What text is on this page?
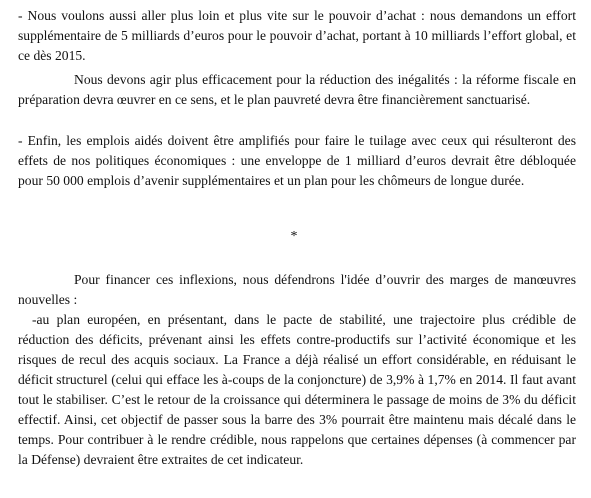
- Nous voulons aussi aller plus loin et plus vite sur le pouvoir d’achat : nous demandons un effort supplémentaire de 5 milliards d’euros pour le pouvoir d’achat, portant à 10 milliards l’effort global, et ce dès 2015.

Nous devons agir plus efficacement pour la réduction des inégalités : la réforme fiscale en préparation devra œuvrer en ce sens, et le plan pauvreté devra être financièrement sanctuarisé.

- Enfin, les emplois aidés doivent être amplifiés pour faire le tuilage avec ceux qui résulteront des effets de nos politiques économiques : une enveloppe de 1 milliard d’euros devrait être débloquée pour 50 000 emplois d’avenir supplémentaires et un plan pour les chômeurs de longue durée.

*

Pour financer ces inflexions, nous défendrons l'idée d’ouvrir des marges de manœuvres nouvelles :

-au plan européen, en présentant, dans le pacte de stabilité, une trajectoire plus crédible de réduction des déficits, prévenant ainsi les effets contre-productifs sur l’activité économique et les risques de recul des acquis sociaux. La France a déjà réalisé un effort considérable, en réduisant le déficit structurel (celui qui efface les à-coups de la conjoncture) de 3,9% à 1,7% en 2014. Il faut avant tout le stabiliser. C’est le retour de la croissance qui déterminera le passage de moins de 3% du déficit effectif. Ainsi, cet objectif de passer sous la barre des 3% pourrait être maintenu mais décalé dans le temps. Pour contribuer à le rendre crédible, nous rappelons que certaines dépenses (à commencer par la Défense) devraient être extraites de cet indicateur.
